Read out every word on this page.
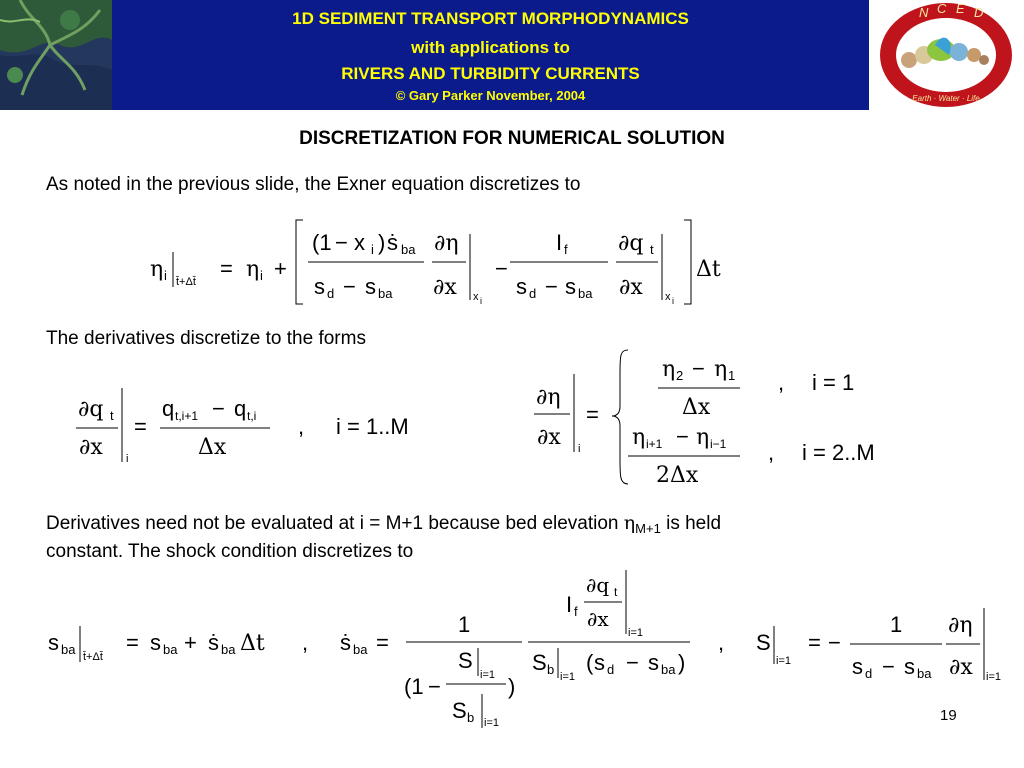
1D SEDIMENT TRANSPORT MORPHODYNAMICS
with applications to
RIVERS AND TURBIDITY CURRENTS
© Gary Parker November, 2004
N C E D
Earth · Water · Life
DISCRETIZATION FOR NUMERICAL SOLUTION
As noted in the previous slide, the Exner equation discretizes to
η i t̄+Δt̄
= η i +
(1 − x i ) ṡ ba
s d − s ba
∂η
∂x x i
−
I f
s d − s ba
∂q t
∂x x i
Δt
The derivatives discretize to the forms
∂q t
∂x i
=
q t,i+1 − q t,i
Δx
, i = 1..M
∂η
∂x i
=
η 2 − η 1
Δx
, i = 1
η i+1 − η i−1
2Δx
, i = 2..M
Derivatives need not be evaluated at i = M+1 because bed elevation $\eta_{M+1}$ is held
constant. The shock condition discretizes to
s ba t̄+Δt̄
= s ba + ṡ ba Δt , ṡ ba =
1
S
i=1
(1 −	)
S b i=1
I f
∂q t
∂x
i=1
S b i=1
( s d − s ba )
, S
i=1
= −
1
s d − s ba
∂η
∂x i=1
19
